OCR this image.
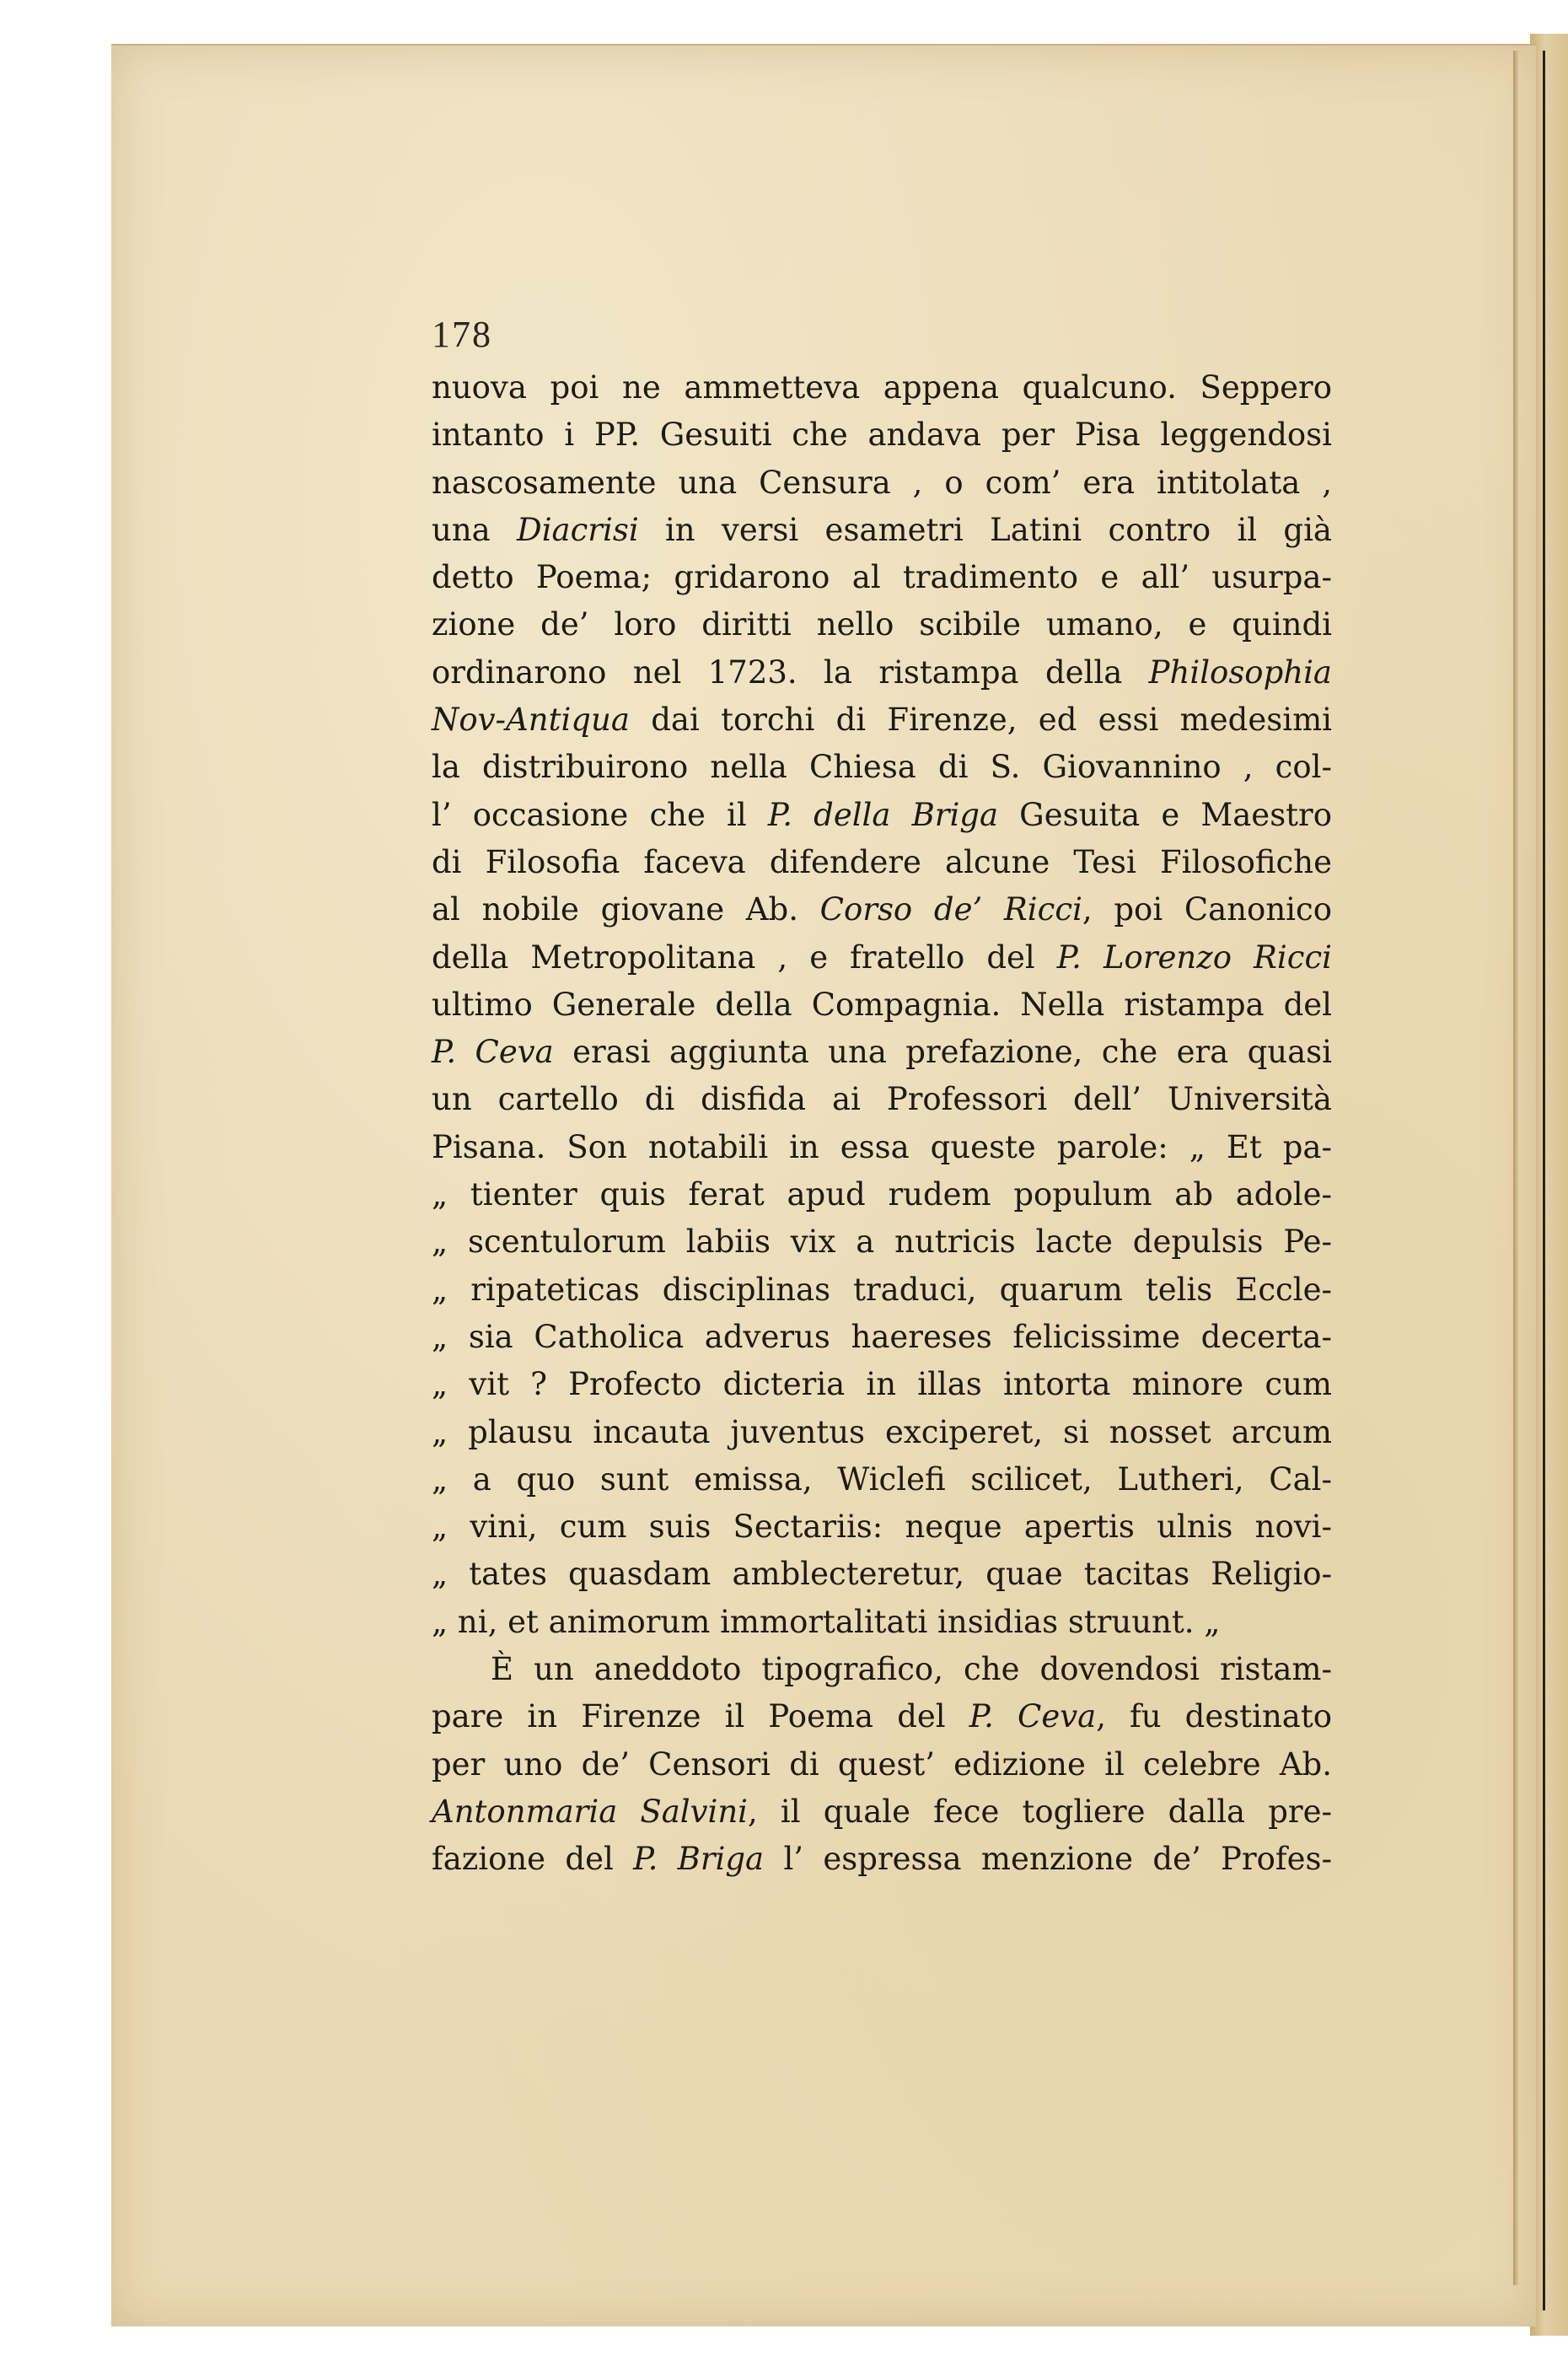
178
nuova poi ne ammetteva appena qualcuno. Seppero
intanto i PP. Gesuiti che andava per Pisa leggendosi
nascosamente una Censura , o com’ era intitolata ,
una Diacrisi in versi esametri Latini contro il già
detto Poema; gridarono al tradimento e all’ usurpa-
zione de’ loro diritti nello scibile umano, e quindi
ordinarono nel 1723. la ristampa della Philosophia
Nov-Antiqua dai torchi di Firenze, ed essi medesimi
la distribuirono nella Chiesa di S. Giovannino , col-
l’ occasione che il P. della Briga Gesuita e Maestro
di Filosofia faceva difendere alcune Tesi Filosofiche
al nobile giovane Ab. Corso de’ Ricci, poi Canonico
della Metropolitana , e fratello del P. Lorenzo Ricci
ultimo Generale della Compagnia. Nella ristampa del
P. Ceva erasi aggiunta una prefazione, che era quasi
un cartello di disfida ai Professori dell’ Università
Pisana. Son notabili in essa queste parole: „ Et pa-
„ tienter quis ferat apud rudem populum ab adole-
„ scentulorum labiis vix a nutricis lacte depulsis Pe-
„ ripateticas disciplinas traduci, quarum telis Eccle-
„ sia Catholica adverus haereses felicissime decerta-
„ vit ? Profecto dicteria in illas intorta minore cum
„ plausu incauta juventus exciperet, si nosset arcum
„ a quo sunt emissa, Wiclefi scilicet, Lutheri, Cal-
„ vini, cum suis Sectariis: neque apertis ulnis novi-
„ tates quasdam amblecteretur, quae tacitas Religio-
„ ni, et animorum immortalitati insidias struunt. „
È un aneddoto tipografico, che dovendosi ristam-
pare in Firenze il Poema del P. Ceva, fu destinato
per uno de’ Censori di quest’ edizione il celebre Ab.
Antonmaria Salvini, il quale fece togliere dalla pre-
fazione del P. Briga l’ espressa menzione de’ Profes-
